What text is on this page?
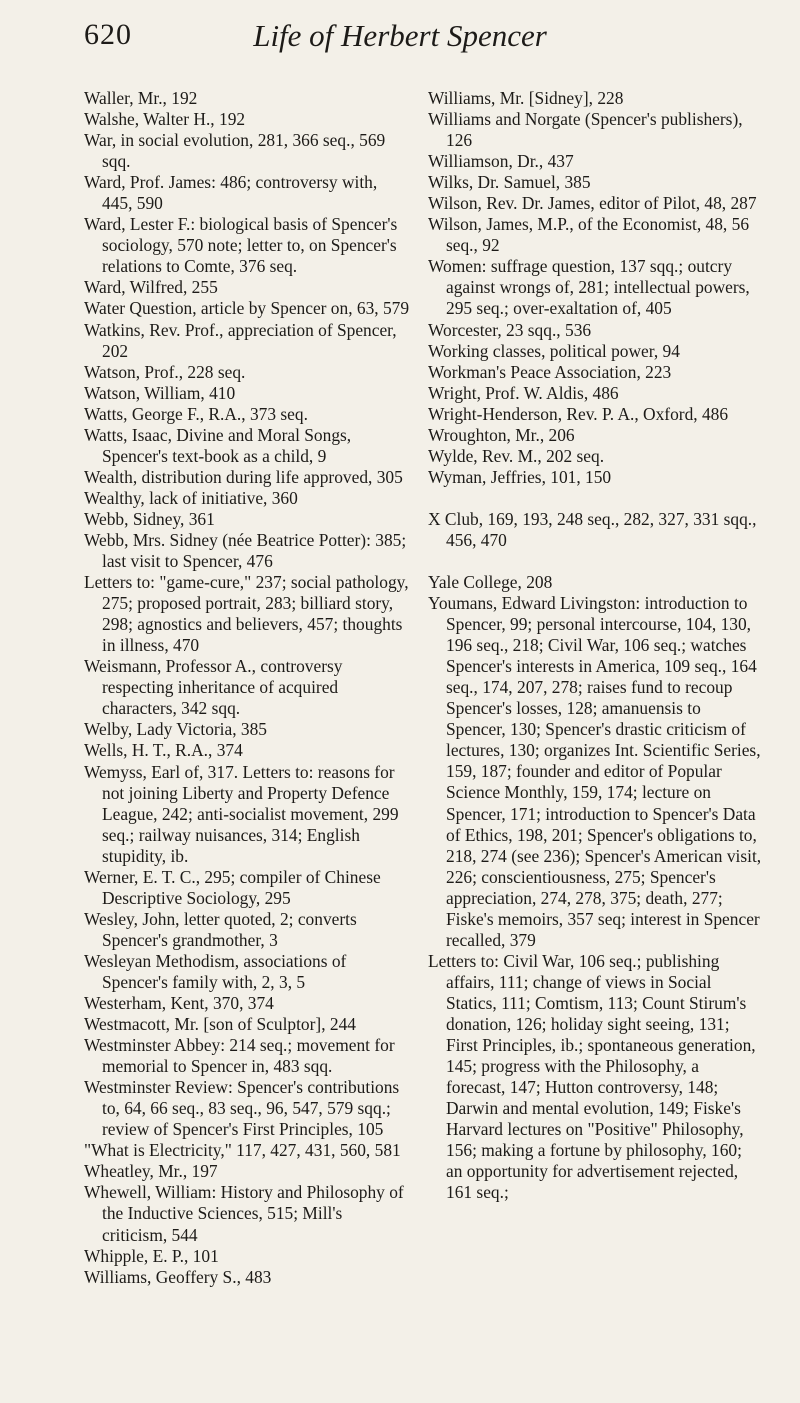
620	Life of Herbert Spencer
Waller, Mr., 192
Walshe, Walter H., 192
War, in social evolution, 281, 366 seq., 569 sqq.
Ward, Prof. James: 486; controversy with, 445, 590
Ward, Lester F.: biological basis of Spencer's sociology, 570 note; letter to, on Spencer's relations to Comte, 376 seq.
Ward, Wilfred, 255
Water Question, article by Spencer on, 63, 579
Watkins, Rev. Prof., appreciation of Spencer, 202
Watson, Prof., 228 seq.
Watson, William, 410
Watts, George F., R.A., 373 seq.
Watts, Isaac, Divine and Moral Songs, Spencer's text-book as a child, 9
Wealth, distribution during life approved, 305
Wealthy, lack of initiative, 360
Webb, Sidney, 361
Webb, Mrs. Sidney (née Beatrice Potter): 385; last visit to Spencer, 476
Letters to: "game-cure," 237; social pathology, 275; proposed portrait, 283; billiard story, 298; agnostics and believers, 457; thoughts in illness, 470
Weismann, Professor A., controversy respecting inheritance of acquired characters, 342 sqq.
Welby, Lady Victoria, 385
Wells, H. T., R.A., 374
Wemyss, Earl of, 317. Letters to: reasons for not joining Liberty and Property Defence League, 242; anti-socialist movement, 299 seq.; railway nuisances, 314; English stupidity, ib.
Werner, E. T. C., 295; compiler of Chinese Descriptive Sociology, 295
Wesley, John, letter quoted, 2; converts Spencer's grandmother, 3
Wesleyan Methodism, associations of Spencer's family with, 2, 3, 5
Westerham, Kent, 370, 374
Westmacott, Mr. [son of Sculptor], 244
Westminster Abbey: 214 seq.; movement for memorial to Spencer in, 483 sqq.
Westminster Review: Spencer's contributions to, 64, 66 seq., 83 seq., 96, 547, 579 sqq.; review of Spencer's First Principles, 105
"What is Electricity," 117, 427, 431, 560, 581
Wheatley, Mr., 197
Whewell, William: History and Philosophy of the Inductive Sciences, 515; Mill's criticism, 544
Whipple, E. P., 101
Williams, Geoffery S., 483
Williams, Mr. [Sidney], 228
Williams and Norgate (Spencer's publishers), 126
Williamson, Dr., 437
Wilks, Dr. Samuel, 385
Wilson, Rev. Dr. James, editor of Pilot, 48, 287
Wilson, James, M.P., of the Economist, 48, 56 seq., 92
Women: suffrage question, 137 sqq.; outcry against wrongs of, 281; intellectual powers, 295 seq.; over-exaltation of, 405
Worcester, 23 sqq., 536
Working classes, political power, 94
Workman's Peace Association, 223
Wright, Prof. W. Aldis, 486
Wright-Henderson, Rev. P. A., Oxford, 486
Wroughton, Mr., 206
Wylde, Rev. M., 202 seq.
Wyman, Jeffries, 101, 150
X Club, 169, 193, 248 seq., 282, 327, 331 sqq., 456, 470
Yale College, 208
Youmans, Edward Livingston: introduction to Spencer, 99; personal intercourse, 104, 130, 196 seq., 218; Civil War, 106 seq.; watches Spencer's interests in America, 109 seq., 164 seq., 174, 207, 278; raises fund to recoup Spencer's losses, 128; amanuensis to Spencer, 130; Spencer's drastic criticism of lectures, 130; organizes Int. Scientific Series, 159, 187; founder and editor of Popular Science Monthly, 159, 174; lecture on Spencer, 171; introduction to Spencer's Data of Ethics, 198, 201; Spencer's obligations to, 218, 274 (see 236); Spencer's American visit, 226; conscientiousness, 275; Spencer's appreciation, 274, 278, 375; death, 277; Fiske's memoirs, 357 seq; interest in Spencer recalled, 379
Letters to: Civil War, 106 seq.; publishing affairs, 111; change of views in Social Statics, 111; Comtism, 113; Count Stirum's donation, 126; holiday sight seeing, 131; First Principles, ib.; spontaneous generation, 145; progress with the Philosophy, a forecast, 147; Hutton controversy, 148; Darwin and mental evolution, 149; Fiske's Harvard lectures on "Positive" Philosophy, 156; making a fortune by philosophy, 160; an opportunity for advertisement rejected, 161 seq.;
